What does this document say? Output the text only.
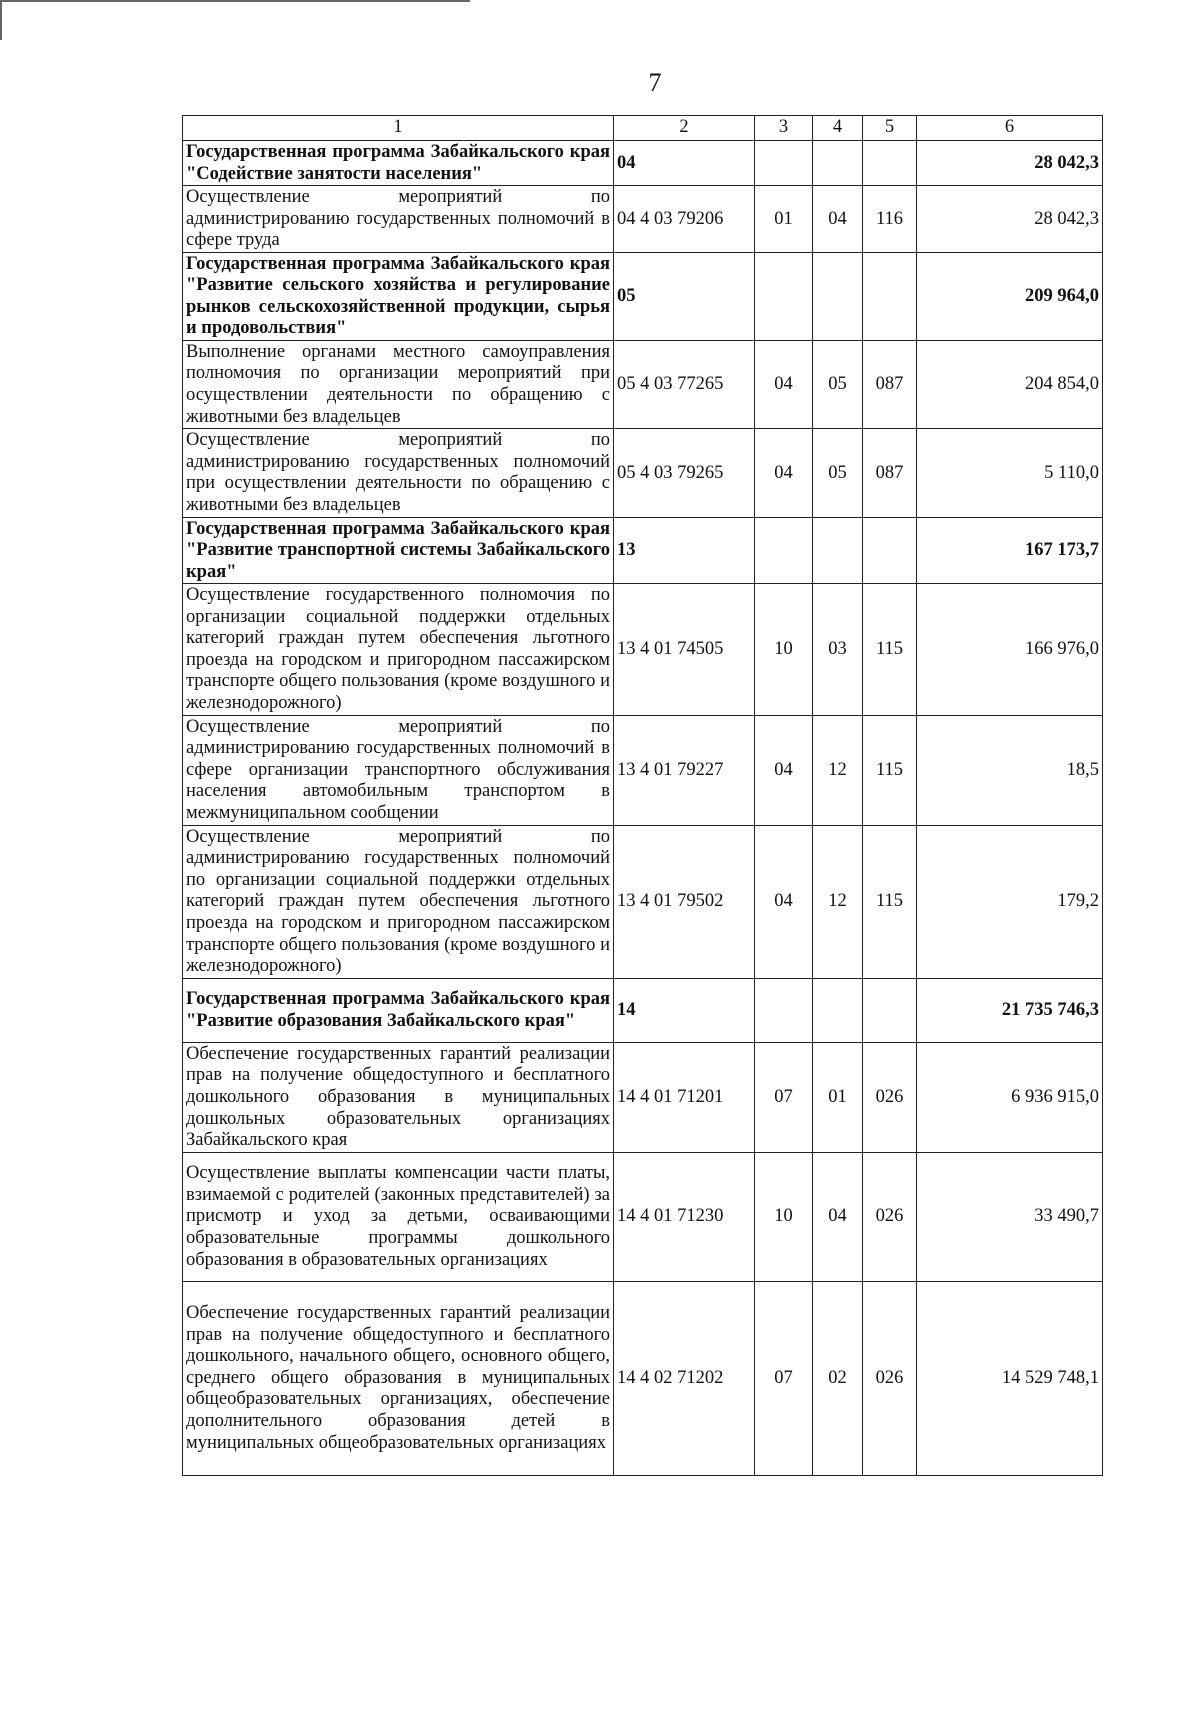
7
1	2	3	4	5	6
Государственная программа Забайкальского края "Содействие занятости населения"	04				28 042,3
Осуществление мероприятий по администрированию государственных полномочий в сфере труда	04 4 03 79206	01	04	116	28 042,3
Государственная программа Забайкальского края "Развитие сельского хозяйства и регулирование рынков сельскохозяйственной продукции, сырья и продовольствия"	05				209 964,0
Выполнение органами местного самоуправления полномочия по организации мероприятий при осуществлении деятельности по обращению с животными без владельцев	05 4 03 77265	04	05	087	204 854,0
Осуществление мероприятий по администрированию государственных полномочий при осуществлении деятельности по обращению с животными без владельцев	05 4 03 79265	04	05	087	5 110,0
Государственная программа Забайкальского края "Развитие транспортной системы Забайкальского края"	13				167 173,7
Осуществление государственного полномочия по организации социальной поддержки отдельных категорий граждан путем обеспечения льготного проезда на городском и пригородном пассажирском транспорте общего пользования (кроме воздушного и железнодорожного)	13 4 01 74505	10	03	115	166 976,0
Осуществление мероприятий по администрированию государственных полномочий в сфере организации транспортного обслуживания населения автомобильным транспортом в межмуниципальном сообщении	13 4 01 79227	04	12	115	18,5
Осуществление мероприятий по администрированию государственных полномочий по организации социальной поддержки отдельных категорий граждан путем обеспечения льготного проезда на городском и пригородном пассажирском транспорте общего пользования (кроме воздушного и железнодорожного)	13 4 01 79502	04	12	115	179,2
Государственная программа Забайкальского края "Развитие образования Забайкальского края"	14				21 735 746,3
Обеспечение государственных гарантий реализации прав на получение общедоступного и бесплатного дошкольного образования в муниципальных дошкольных образовательных организациях Забайкальского края	14 4 01 71201	07	01	026	6 936 915,0
Осуществление выплаты компенсации части платы, взимаемой с родителей (законных представителей) за присмотр и уход за детьми, осваивающими образовательные программы дошкольного образования в образовательных организациях	14 4 01 71230	10	04	026	33 490,7
Обеспечение государственных гарантий реализации прав на получение общедоступного и бесплатного дошкольного, начального общего, основного общего, среднего общего образования в муниципальных общеобразовательных организациях, обеспечение дополнительного образования детей в муниципальных общеобразовательных организациях	14 4 02 71202	07	02	026	14 529 748,1
